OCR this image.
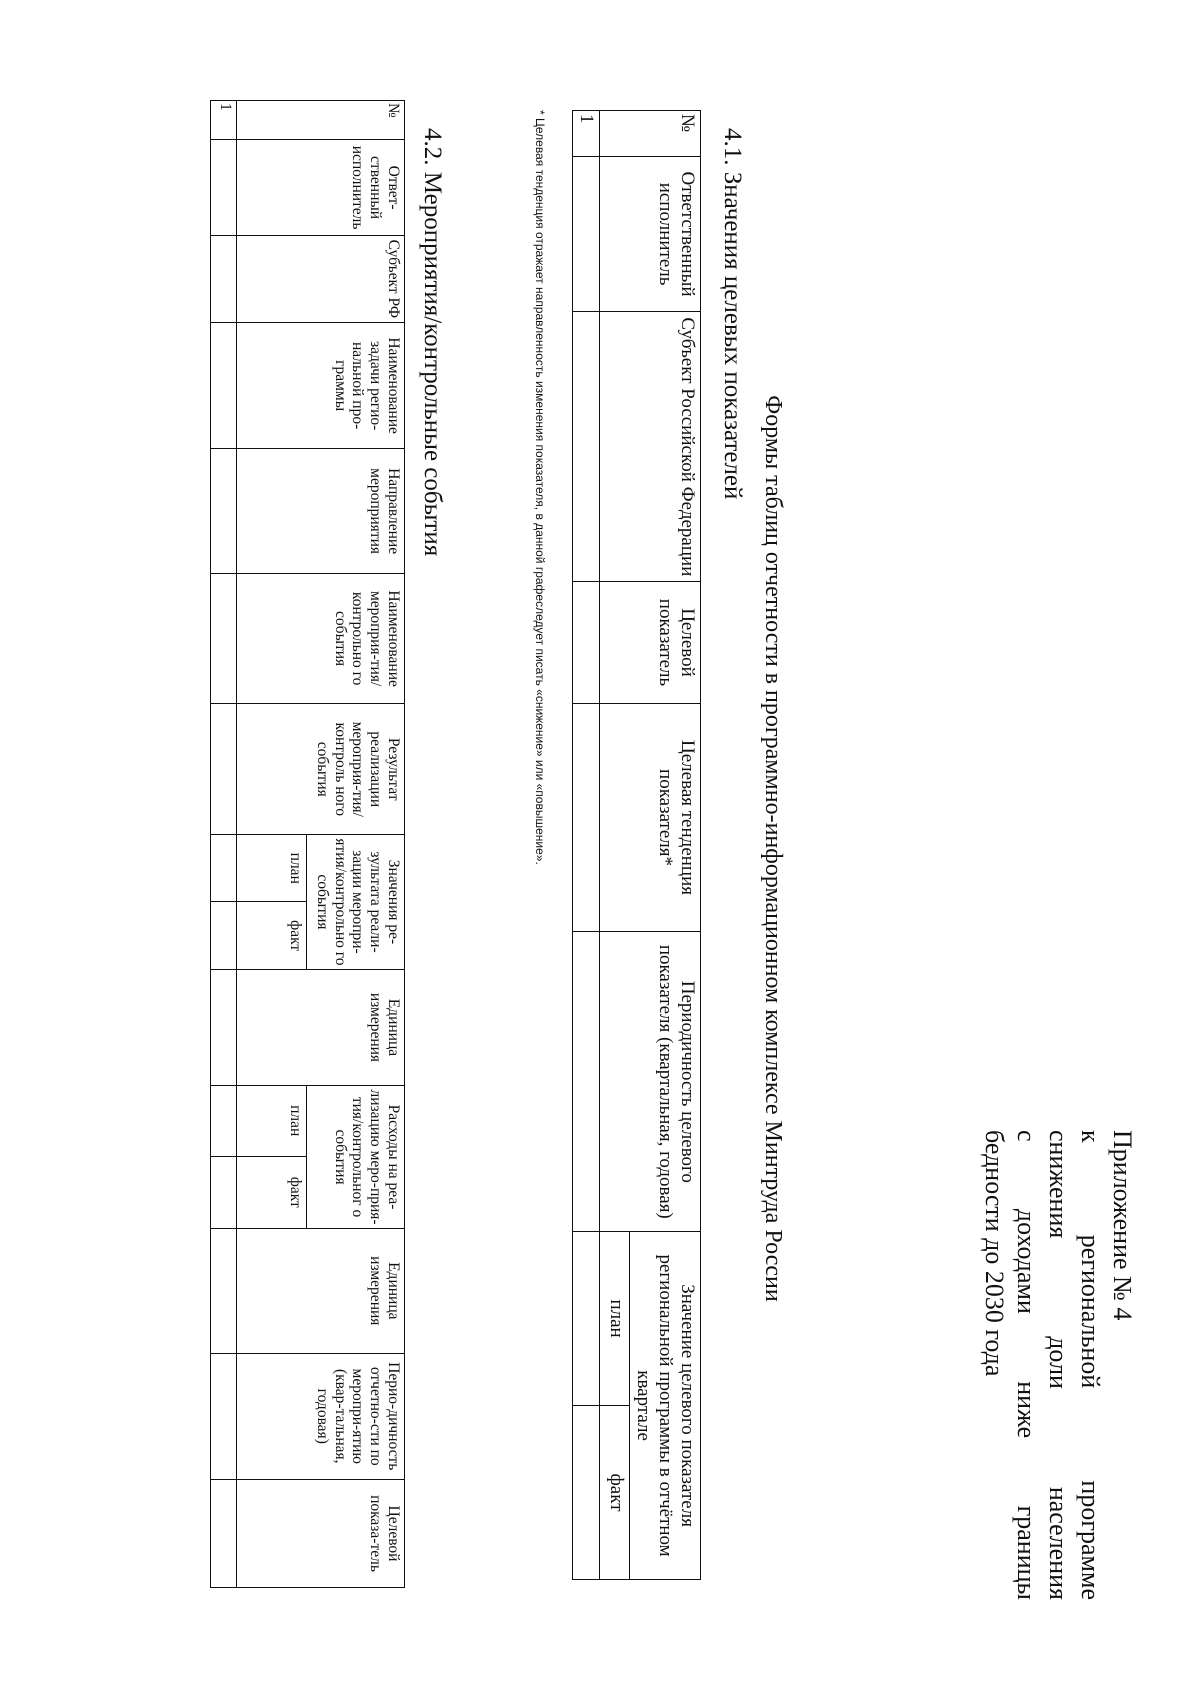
Приложение № 4
к региональной программе
снижения доли населения
с доходами ниже границы
бедности до 2030 года
Формы таблиц отчетности в программно-информационном комплексе Минтруда России
4.1. Значения целевых показателей
№	Ответственный исполнитель	Субъект Российской Федерации	Целевой показатель	Целевая тенденция показателя*	Периодичность целевого показателя (квартальная, годовая)	Значение целевого показателя региональной программы в отчётном квартале	
						план	факт
1							
* Целевая тенденция отражает направленность изменения показателя, в данной графеследует писать «снижение» или «повышение».
4.2. Мероприятия/контрольные события
№	Ответ-ственный исполнитель	Субъект РФ	Наименование задачи регио-нальной про-граммы	Направление мероприятия	Наименование мероприя-тия/контрольно го события	Результат реализации мероприя-тия/контроль ного события	Значения ре-зультата реали-зации меропри-ятия/контрольно го события		Единица измерения	Расходы на реа-лизацию меро-прия-тия/контрольног о события		Единица измерения	Перио-дичность отчетно-сти по меропри-ятию (квар-тальная, годовая)	Целевой показа-тель
							план	факт		план	факт			
1														
